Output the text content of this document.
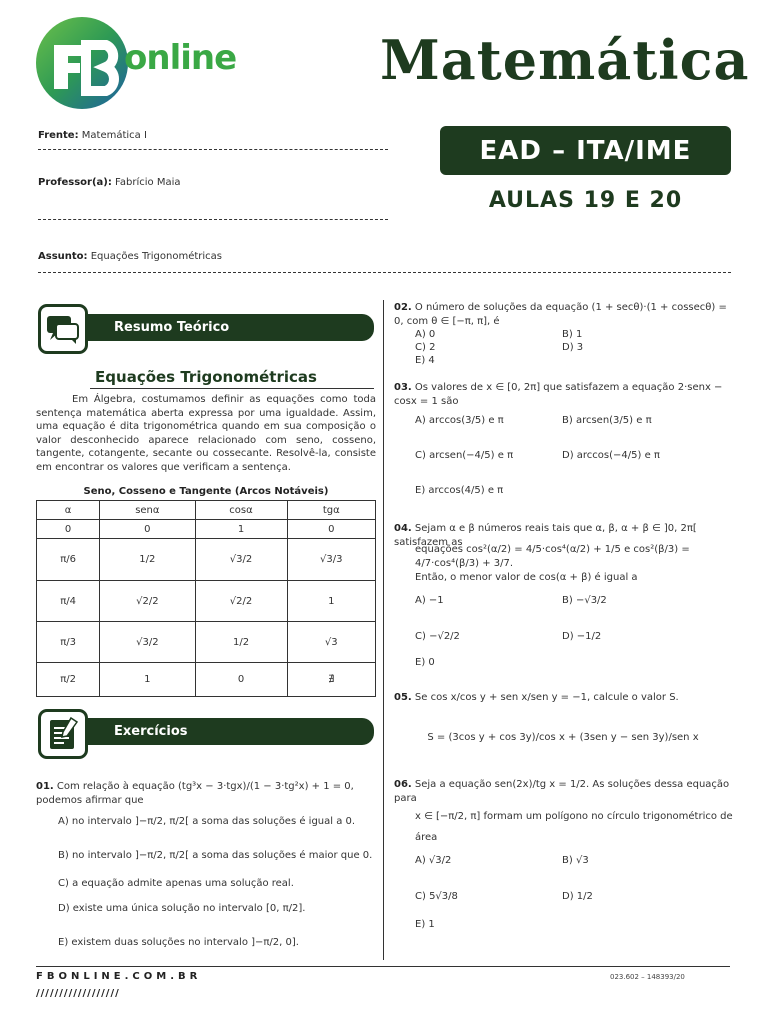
online	Matemática
EAD – ITA/IME
AULAS 19 E 20
Frente: Matemática I
Professor(a): Fabrício Maia
Assunto: Equações Trigonométricas
Resumo Teórico
Equações Trigonométricas
Em Álgebra, costumamos definir as equações como toda sentença matemática aberta expressa por uma igualdade. Assim, uma equação é dita trigonométrica quando em sua composição o valor desconhecido aparece relacionado com seno, cosseno, tangente, cotangente, secante ou cossecante. Resolvê-la, consiste em encontrar os valores que verificam a sentença.
Seno, Cosseno e Tangente (Arcos Notáveis)
α	senα	cosα	tgα
0	0	1	0
π/6	1/2	√3/2	√3/3
π/4	√2/2	√2/2	1
π/3	√3/2	1/2	√3
π/2	1	0	∄
Exercícios
01. Com relação à equação (tg³x − 3·tgx)/(1 − 3·tg²x) + 1 = 0, podemos afirmar que
A) no intervalo ]−π/2, π/2[ a soma das soluções é igual a 0.
B) no intervalo ]−π/2, π/2[ a soma das soluções é maior que 0.
C) a equação admite apenas uma solução real.
D) existe uma única solução no intervalo [0, π/2].
E) existem duas soluções no intervalo ]−π/2, 0].
02. O número de soluções da equação (1 + secθ)·(1 + cossecθ) = 0, com θ ∈ [−π, π], é
A) 0	B) 1
C) 2	D) 3
E) 4
03. Os valores de x ∈ [0, 2π] que satisfazem a equação 2·senx − cosx = 1 são
A) arccos(3/5) e π	B) arcsen(3/5) e π
C) arcsen(−4/5) e π	D) arccos(−4/5) e π
E) arccos(4/5) e π
04. Sejam α e β números reais tais que α, β, α + β ∈ ]0, 2π[ satisfazem as
equações cos²(α/2) = 4/5·cos⁴(α/2) + 1/5 e cos²(β/3) = 4/7·cos⁴(β/3) + 3/7.
Então, o menor valor de cos(α + β) é igual a
A) −1	B) −√3/2
C) −√2/2	D) −1/2
E) 0
05. Se cos x/cos y + sen x/sen y = −1, calcule o valor S.
S = (3cos y + cos 3y)/cos x + (3sen y − sen 3y)/sen x
06. Seja a equação sen(2x)/tg x = 1/2. As soluções dessa equação para
x ∈ [−π/2, π] formam um polígono no círculo trigonométrico de
área
A) √3/2	B) √3
C) 5√3/8	D) 1/2
E) 1
FBONLINE.COM.BR	023.602 – 148393/20
//////////////////
